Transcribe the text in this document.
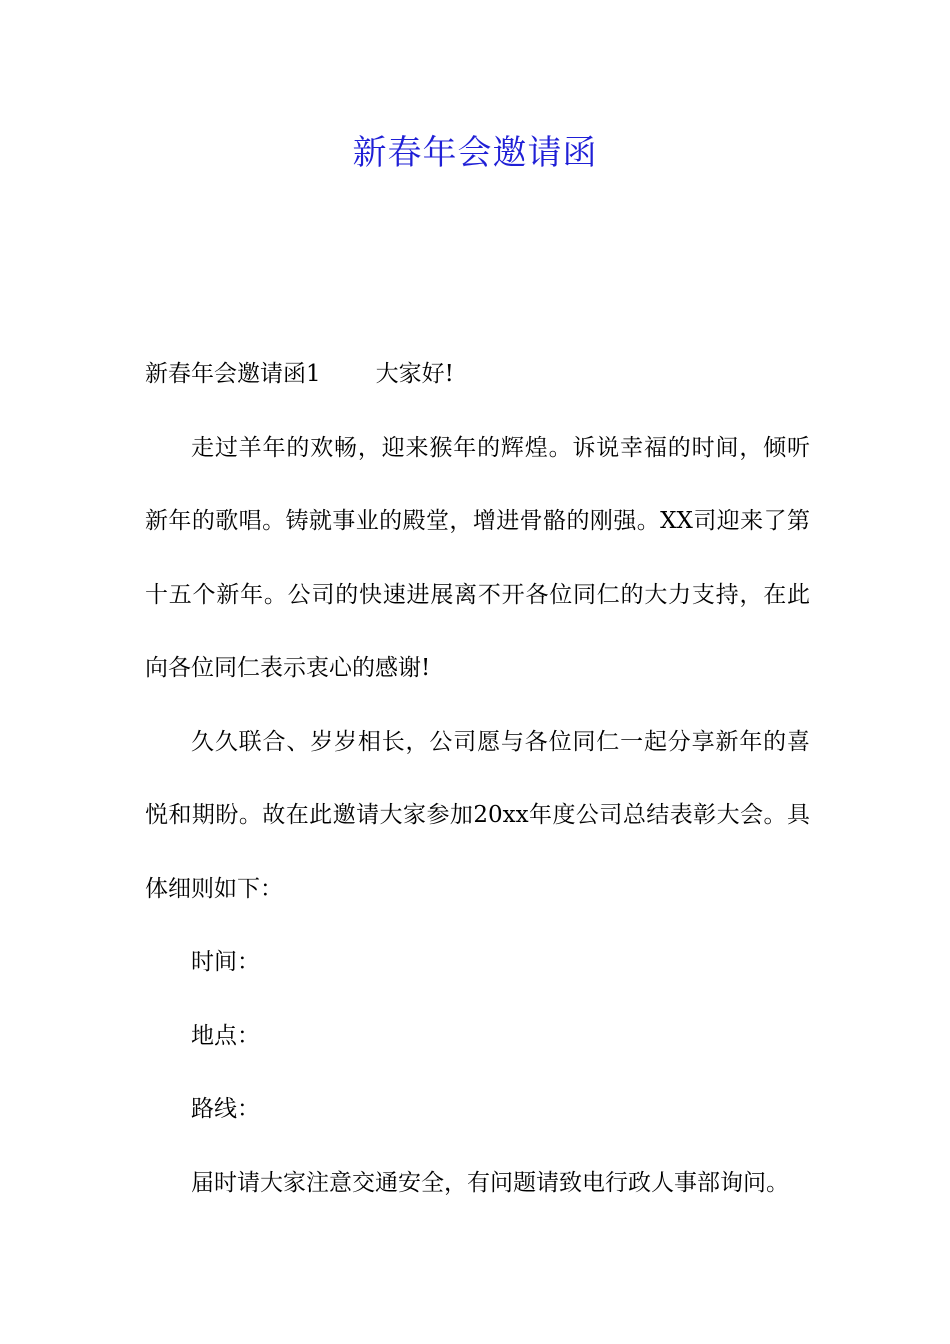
新春年会邀请函

新春年会邀请函1 大家好!

走过羊年的欢畅，迎来猴年的辉煌。诉说幸福的时间，倾听新年的歌唱。铸就事业的殿堂，增进骨骼的刚强。XX司迎来了第十五个新年。公司的快速进展离不开各位同仁的大力支持，在此向各位同仁表示衷心的感谢!

久久联合、岁岁相长，公司愿与各位同仁一起分享新年的喜悦和期盼。故在此邀请大家参加20xx年度公司总结表彰大会。具体细则如下：

时间：

地点：

路线：

届时请大家注意交通安全，有问题请致电行政人事部询问。
